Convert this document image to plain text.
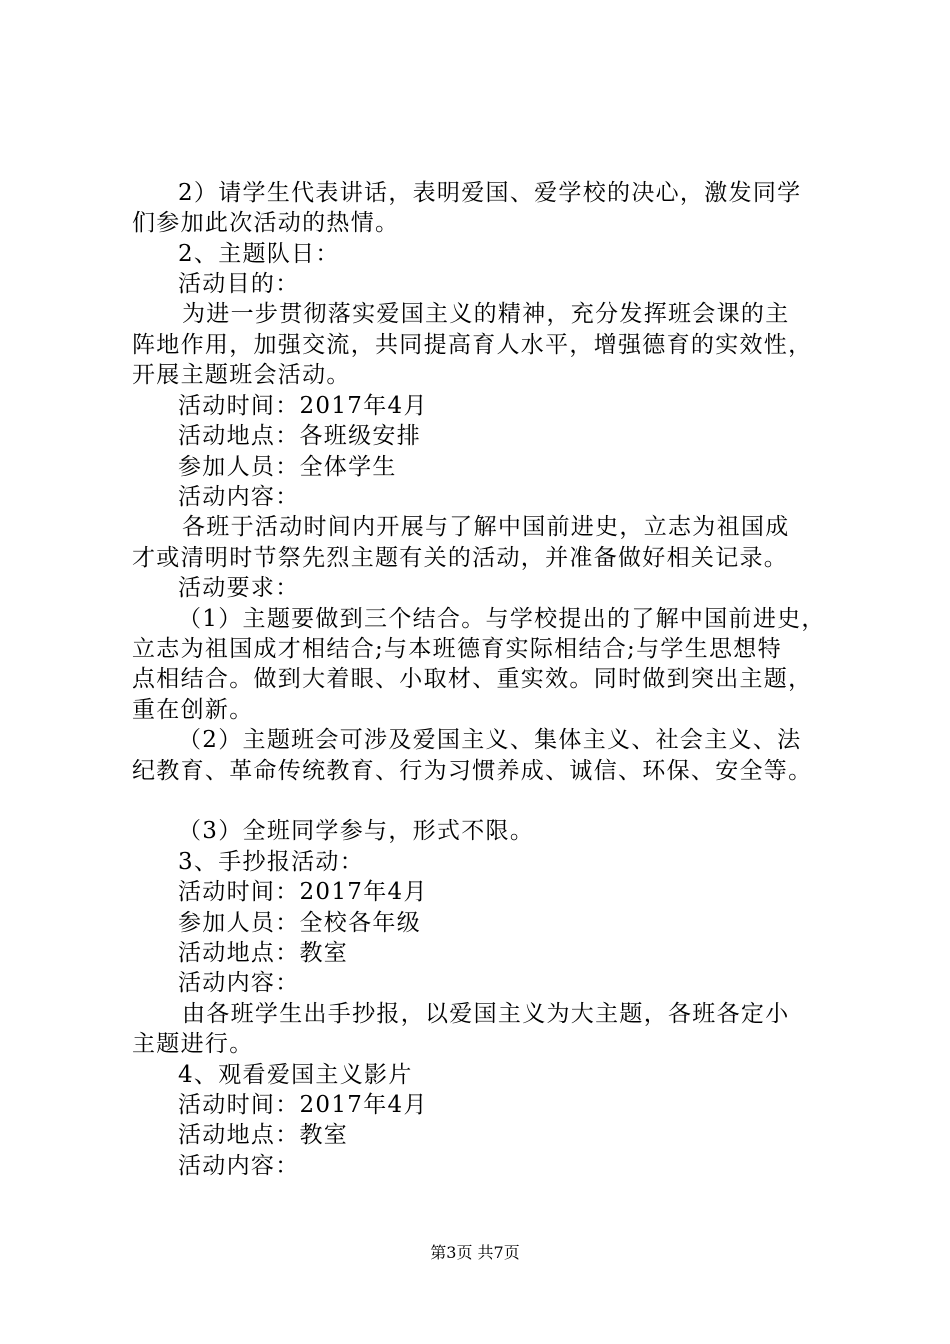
2）请学生代表讲话，表明爱国、爱学校的决心，激发同学
们参加此次活动的热情。
2、主题队日：
活动目的：
为进一步贯彻落实爱国主义的精神，充分发挥班会课的主
阵地作用，加强交流，共同提高育人水平，增强德育的实效性，
开展主题班会活动。
活动时间：2017年4月
活动地点：各班级安排
参加人员：全体学生
活动内容：
各班于活动时间内开展与了解中国前进史，立志为祖国成
才或清明时节祭先烈主题有关的活动，并准备做好相关记录。
活动要求：
（1）主题要做到三个结合。与学校提出的了解中国前进史，
立志为祖国成才相结合;与本班德育实际相结合;与学生思想特
点相结合。做到大着眼、小取材、重实效。同时做到突出主题，
重在创新。
（2）主题班会可涉及爱国主义、集体主义、社会主义、法
纪教育、革命传统教育、行为习惯养成、诚信、环保、安全等。
（3）全班同学参与，形式不限。
3、手抄报活动：
活动时间：2017年4月
参加人员：全校各年级
活动地点：教室
活动内容：
由各班学生出手抄报，以爱国主义为大主题，各班各定小
主题进行。
4、观看爱国主义影片
活动时间：2017年4月
活动地点：教室
活动内容：
第3页 共7页
